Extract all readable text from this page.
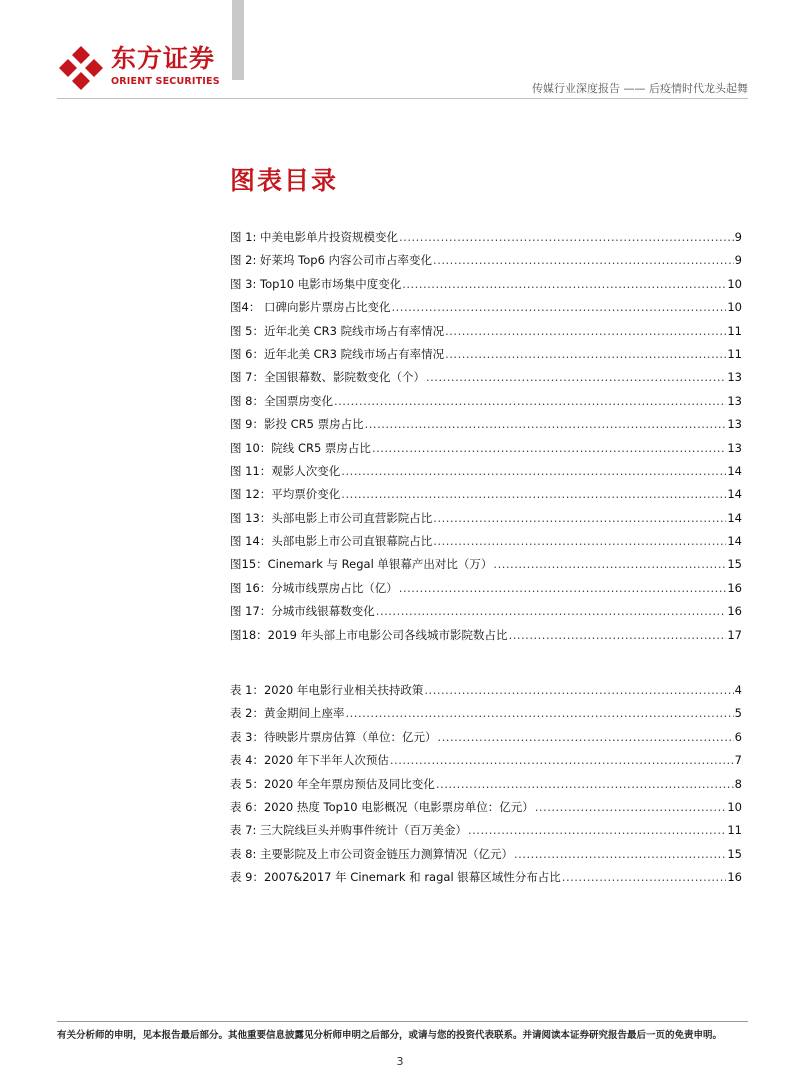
东方证券
ORIENT SECURITIES
传媒行业深度报告 —— 后疫情时代龙头起舞
图表目录
图 1: 中美电影单片投资规模变化 .....	9
图 2: 好莱坞 Top6 内容公司市占率变化 .....	9
图 3: Top10 电影市场集中度变化 .....	10
图4： 口碑向影片票房占比变化 .....	10
图 5：近年北美 CR3 院线市场占有率情况 .....	11
图 6：近年北美 CR3 院线市场占有率情况 .....	11
图 7：全国银幕数、影院数变化（个） .....	13
图 8：全国票房变化 .....	13
图 9：影投 CR5 票房占比 .....	13
图 10：院线 CR5 票房占比 .....	13
图 11：观影人次变化 .....	14
图 12：平均票价变化 .....	14
图 13：头部电影上市公司直营影院占比 .....	14
图 14：头部电影上市公司直银幕院占比 .....	14
图15：Cinemark 与 Regal 单银幕产出对比（万） .....	15
图 16：分城市线票房占比（亿） .....	16
图 17：分城市线银幕数变化 .....	16
图18：2019 年头部上市电影公司各线城市影院数占比 .....	17
表 1：2020 年电影行业相关扶持政策 .....	4
表 2：黄金期间上座率 .....	5
表 3：待映影片票房估算（单位：亿元） .....	6
表 4：2020 年下半年人次预估 .....	7
表 5：2020 年全年票房预估及同比变化 .....	8
表 6：2020 热度 Top10 电影概况（电影票房单位：亿元） .....	10
表 7: 三大院线巨头并购事件统计（百万美金） .....	11
表 8: 主要影院及上市公司资金链压力测算情况（亿元） .....	15
表 9：2007&2017 年 Cinemark 和 ragal 银幕区域性分布占比 .....	16
有关分析师的申明，见本报告最后部分。其他重要信息披露见分析师申明之后部分，或请与您的投资代表联系。并请阅读本证券研究报告最后一页的免责申明。
3
